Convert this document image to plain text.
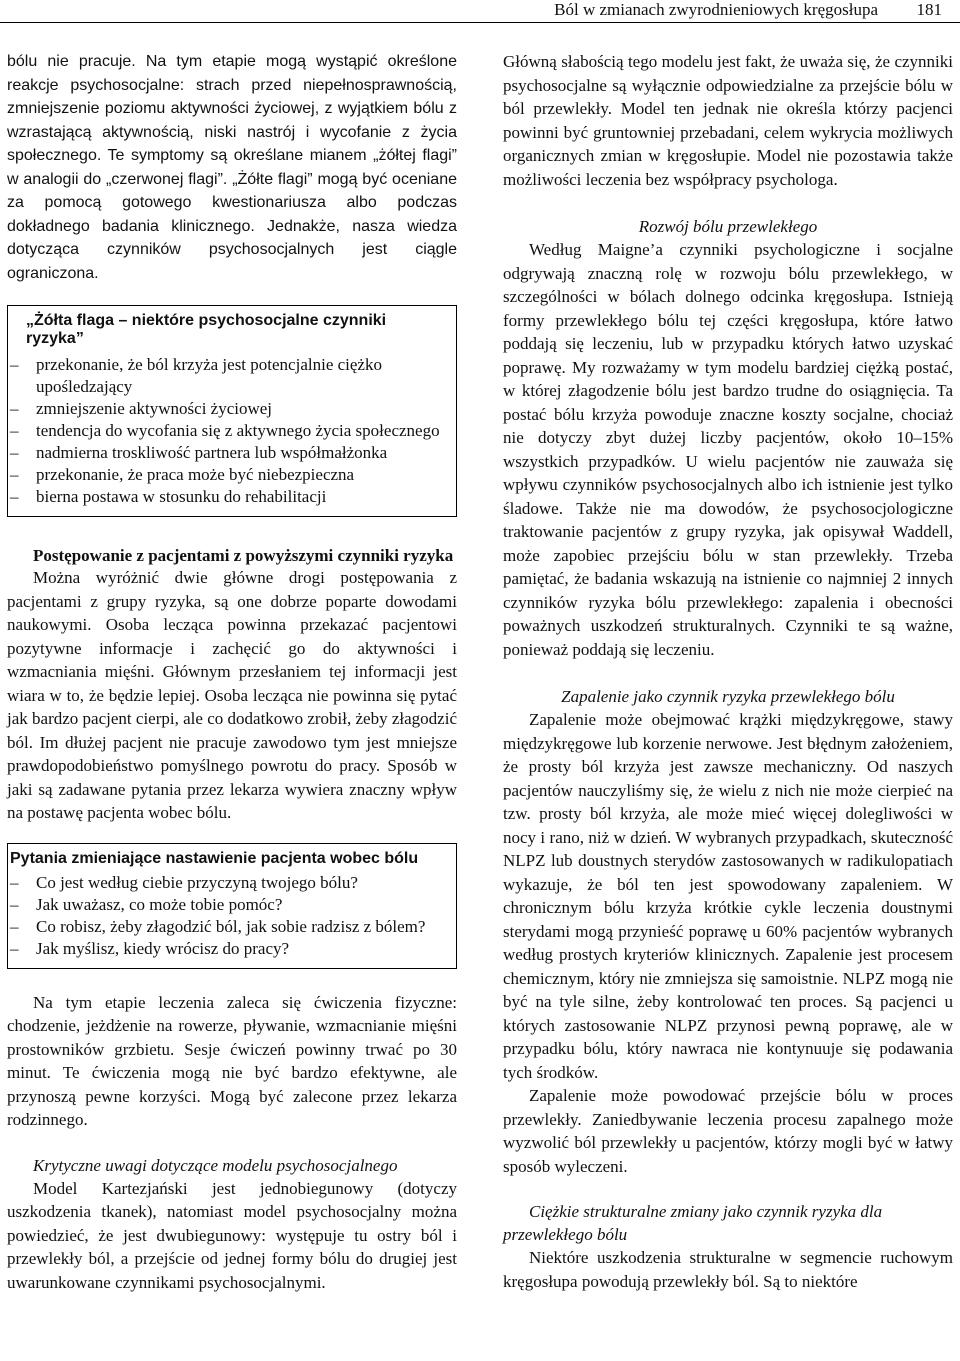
Ból w zmianach zwyrodnieniowych kręgosłupa 181

bólu nie pracuje. Na tym etapie mogą wystąpić określone reakcje psychosocjalne: strach przed niepełnosprawnością, zmniejszenie poziomu aktywności życiowej, z wyjątkiem bólu z wzrastającą aktywnością, niski nastrój i wycofanie z życia społecznego. Te symptomy są określane mianem „żółtej flagi” w analogii do „czerwonej flagi”. „Żółte flagi” mogą być oceniane za pomocą gotowego kwestionariusza albo podczas dokładnego badania klinicznego. Jednakże, nasza wiedza dotycząca czynników psychosocjalnych jest ciągle ograniczona.

„Żółta flaga – niektóre psychosocjalne czynniki ryzyka”
– przekonanie, że ból krzyża jest potencjalnie ciężko upośledzający
– zmniejszenie aktywności życiowej
– tendencja do wycofania się z aktywnego życia społecznego
– nadmierna troskliwość partnera lub współmałżonka
– przekonanie, że praca może być niebezpieczna
– bierna postawa w stosunku do rehabilitacji
Postępowanie z pacjentami z powyższymi czynniki ryzyka

Można wyróżnić dwie główne drogi postępowania z pacjentami z grupy ryzyka, są one dobrze poparte dowodami naukowymi. Osoba lecząca powinna przekazać pacjentowi pozytywne informacje i zachęcić go do aktywności i wzmacniania mięśni. Głównym przesłaniem tej informacji jest wiara w to, że będzie lepiej. Osoba lecząca nie powinna się pytać jak bardzo pacjent cierpi, ale co dodatkowo zrobił, żeby złagodzić ból. Im dłużej pacjent nie pracuje zawodowo tym jest mniejsze prawdopodobieństwo pomyślnego powrotu do pracy. Sposób w jaki są zadawane pytania przez lekarza wywiera znaczny wpływ na postawę pacjenta wobec bólu.

Pytania zmieniające nastawienie pacjenta wobec bólu
– Co jest według ciebie przyczyną twojego bólu?
– Jak uważasz, co może tobie pomóc?
– Co robisz, żeby złagodzić ból, jak sobie radzisz z bólem?
– Jak myślisz, kiedy wrócisz do pracy?

Na tym etapie leczenia zaleca się ćwiczenia fizyczne: chodzenie, jeżdżenie na rowerze, pływanie, wzmacnianie mięśni prostowników grzbietu. Sesje ćwiczeń powinny trwać po 30 minut. Te ćwiczenia mogą nie być bardzo efektywne, ale przynoszą pewne korzyści. Mogą być zalecone przez lekarza rodzinnego.

Krytyczne uwagi dotyczące modelu psychosocjalnego

Model Kartezjański jest jednobiegunowy (dotyczy uszkodzenia tkanek), natomiast model psychosocjalny można powiedzieć, że jest dwubiegunowy: występuje tu ostry ból i przewlekły ból, a przejście od jednej formy bólu do drugiej jest uwarunkowane czynnikami psychosocjalnymi.

Główną słabością tego modelu jest fakt, że uważa się, że czynniki psychosocjalne są wyłącznie odpowiedzialne za przejście bólu w ból przewlekły. Model ten jednak nie określa którzy pacjenci powinni być gruntowniej przebadani, celem wykrycia możliwych organicznych zmian w kręgosłupie. Model nie pozostawia także możliwości leczenia bez współpracy psychologa.

Rozwój bólu przewlekłego

Według Maigne’a czynniki psychologiczne i socjalne odgrywają znaczną rolę w rozwoju bólu przewlekłego, w szczególności w bólach dolnego odcinka kręgosłupa. Istnieją formy przewlekłego bólu tej części kręgosłupa, które łatwo poddają się leczeniu, lub w przypadku których łatwo uzyskać poprawę. My rozważamy w tym modelu bardziej ciężką postać, w której złagodzenie bólu jest bardzo trudne do osiągnięcia. Ta postać bólu krzyża powoduje znaczne koszty socjalne, chociaż nie dotyczy zbyt dużej liczby pacjentów, około 10–15% wszystkich przypadków. U wielu pacjentów nie zauważa się wpływu czynników psychosocjalnych albo ich istnienie jest tylko śladowe. Także nie ma dowodów, że psychosocjologiczne traktowanie pacjentów z grupy ryzyka, jak opisywał Waddell, może zapobiec przejściu bólu w stan przewlekły. Trzeba pamiętać, że badania wskazują na istnienie co najmniej 2 innych czynników ryzyka bólu przewlekłego: zapalenia i obecności poważnych uszkodzeń strukturalnych. Czynniki te są ważne, ponieważ poddają się leczeniu.

Zapalenie jako czynnik ryzyka przewlekłego bólu

Zapalenie może obejmować krążki międzykręgowe, stawy międzykręgowe lub korzenie nerwowe. Jest błędnym założeniem, że prosty ból krzyża jest zawsze mechaniczny. Od naszych pacjentów nauczyliśmy się, że wielu z nich nie może cierpieć na tzw. prosty ból krzyża, ale może mieć więcej dolegliwości w nocy i rano, niż w dzień. W wybranych przypadkach, skuteczność NLPZ lub doustnych sterydów zastosowanych w radikulopatiach wykazuje, że ból ten jest spowodowany zapaleniem. W chronicznym bólu krzyża krótkie cykle leczenia doustnymi sterydami mogą przynieść poprawę u 60% pacjentów wybranych według prostych kryteriów klinicznych. Zapalenie jest procesem chemicznym, który nie zmniejsza się samoistnie. NLPZ mogą nie być na tyle silne, żeby kontrolować ten proces. Są pacjenci u których zastosowanie NLPZ przynosi pewną poprawę, ale w przypadku bólu, który nawraca nie kontynuuje się podawania tych środków.

Zapalenie może powodować przejście bólu w proces przewlekły. Zaniedbywanie leczenia procesu zapalnego może wyzwolić ból przewlekły u pacjentów, którzy mogli być w łatwy sposób wyleczeni.

Ciężkie strukturalne zmiany jako czynnik ryzyka dla przewlekłego bólu

Niektóre uszkodzenia strukturalne w segmencie ruchowym kręgosłupa powodują przewlekły ból. Są to niektóre
